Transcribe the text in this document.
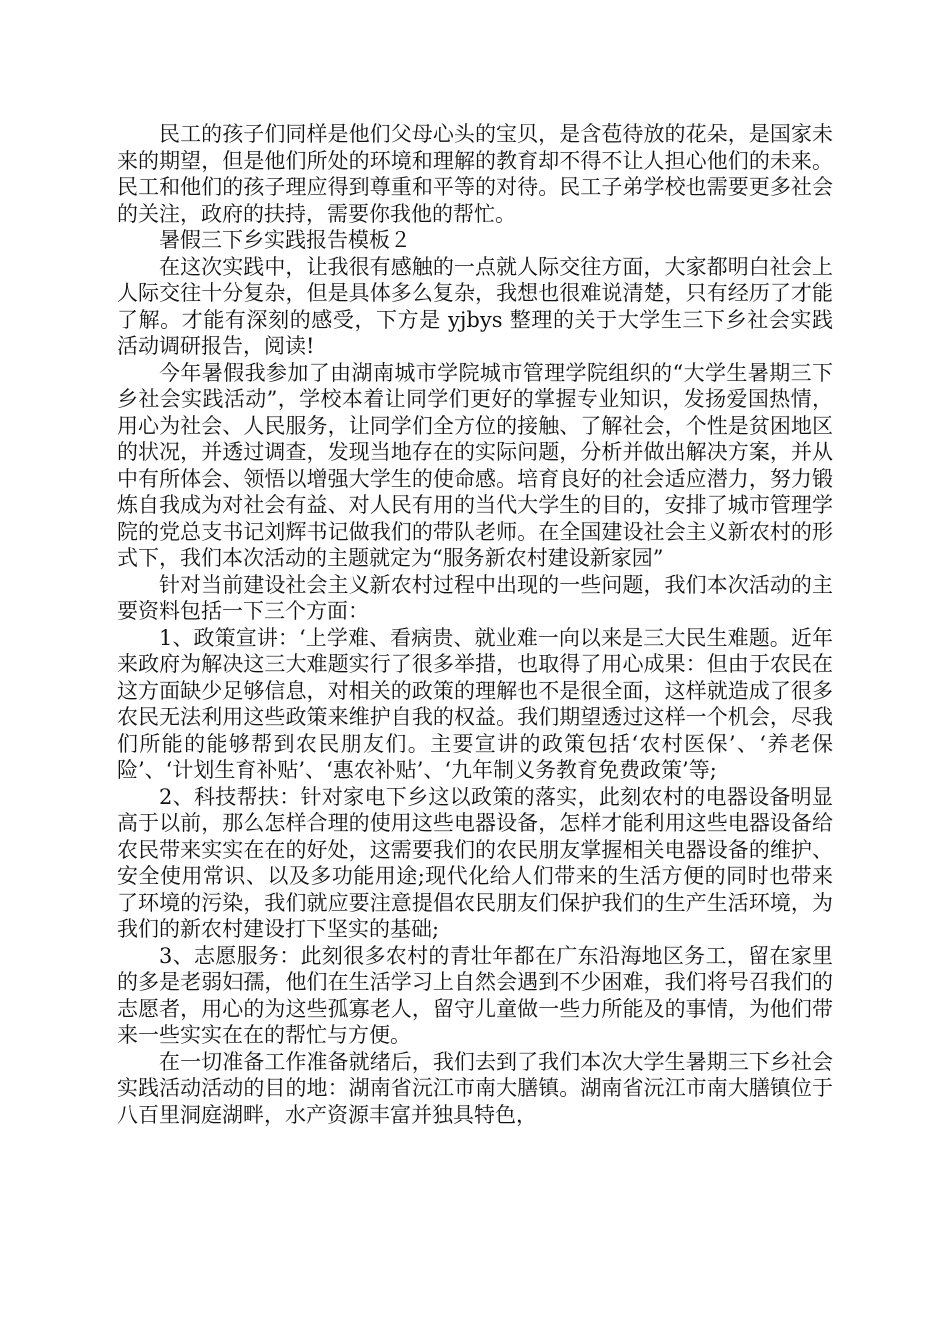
民工的孩子们同样是他们父母心头的宝贝，是含苞待放的花朵，是国家未来的期望，但是他们所处的环境和理解的教育却不得不让人担心他们的未来。民工和他们的孩子理应得到尊重和平等的对待。民工子弟学校也需要更多社会的关注，政府的扶持，需要你我他的帮忙。

暑假三下乡实践报告模板２

在这次实践中，让我很有感触的一点就人际交往方面，大家都明白社会上人际交往十分复杂，但是具体多么复杂，我想也很难说清楚，只有经历了才能了解。才能有深刻的感受，下方是 yjbys 整理的关于大学生三下乡社会实践活动调研报告，阅读!

今年暑假我参加了由湖南城市学院城市管理学院组织的“大学生暑期三下乡社会实践活动”，学校本着让同学们更好的掌握专业知识，发扬爱国热情，用心为社会、人民服务，让同学们全方位的接触、了解社会，个性是贫困地区的状况，并透过调查，发现当地存在的实际问题，分析并做出解决方案，并从中有所体会、领悟以增强大学生的使命感。培育良好的社会适应潜力，努力锻炼自我成为对社会有益、对人民有用的当代大学生的目的，安排了城市管理学院的党总支书记刘辉书记做我们的带队老师。在全国建设社会主义新农村的形式下，我们本次活动的主题就定为“服务新农村建设新家园”

针对当前建设社会主义新农村过程中出现的一些问题，我们本次活动的主要资料包括一下三个方面：

1、政策宣讲：‘上学难、看病贵、就业难一向以来是三大民生难题。近年来政府为解决这三大难题实行了很多举措，也取得了用心成果：但由于农民在这方面缺少足够信息，对相关的政策的理解也不是很全面，这样就造成了很多农民无法利用这些政策来维护自我的权益。我们期望透过这样一个机会，尽我们所能的能够帮到农民朋友们。主要宣讲的政策包括‘农村医保’、‘养老保险’、‘计划生育补贴’、‘惠农补贴’、‘九年制义务教育免费政策’等;

2、科技帮扶：针对家电下乡这以政策的落实，此刻农村的电器设备明显高于以前，那么怎样合理的使用这些电器设备，怎样才能利用这些电器设备给农民带来实实在在的好处，这需要我们的农民朋友掌握相关电器设备的维护、安全使用常识、以及多功能用途;现代化给人们带来的生活方便的同时也带来了环境的污染，我们就应要注意提倡农民朋友们保护我们的生产生活环境，为我们的新农村建设打下坚实的基础;

3、志愿服务：此刻很多农村的青壮年都在广东沿海地区务工，留在家里的多是老弱妇孺，他们在生活学习上自然会遇到不少困难，我们将号召我们的志愿者，用心的为这些孤寡老人，留守儿童做一些力所能及的事情，为他们带来一些实实在在的帮忙与方便。

在一切准备工作准备就绪后，我们去到了我们本次大学生暑期三下乡社会实践活动活动的目的地：湖南省沅江市南大膳镇。湖南省沅江市南大膳镇位于八百里洞庭湖畔，水产资源丰富并独具特色，
